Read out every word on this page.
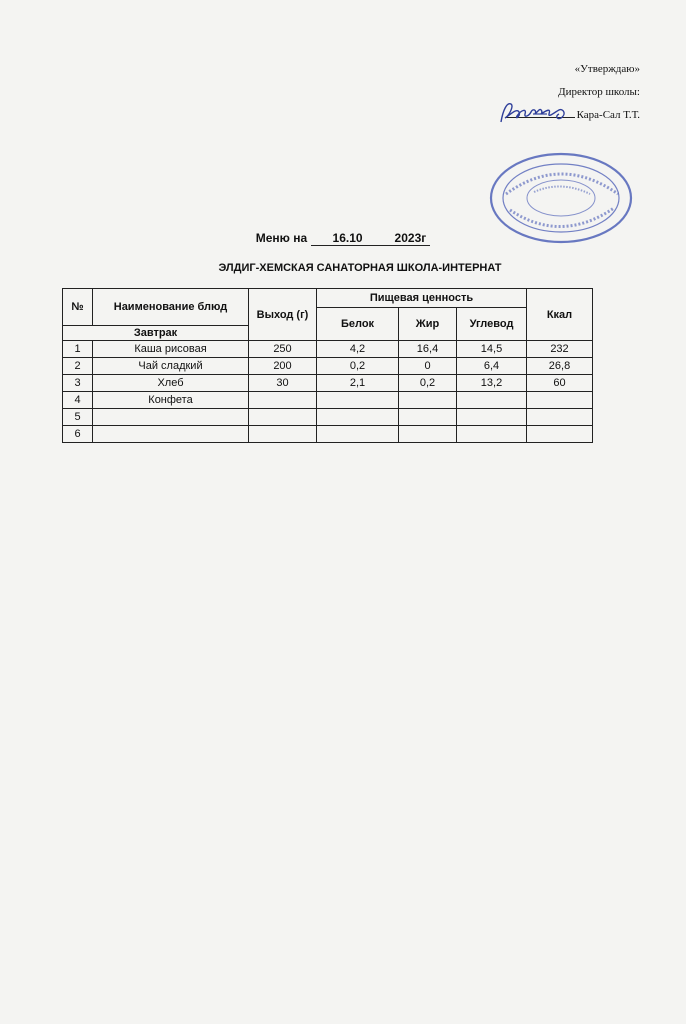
«Утверждаю»
Директор школы:
Кара-Сал Т.Т.
Меню на 16.10	2023г
ЭЛДИГ-ХЕМСКАЯ САНАТОРНАЯ ШКОЛА-ИНТЕРНАТ
№	Наименование блюд	Выход (г)	Пищевая ценность			Ккал
			Белок	Жир	Углевод	
Завтрак						
1	Каша рисовая	250	4,2	16,4	14,5	232
2	Чай сладкий	200	0,2	0	6,4	26,8
3	Хлеб	30	2,1	0,2	13,2	60
4	Конфета					
5						
6						
